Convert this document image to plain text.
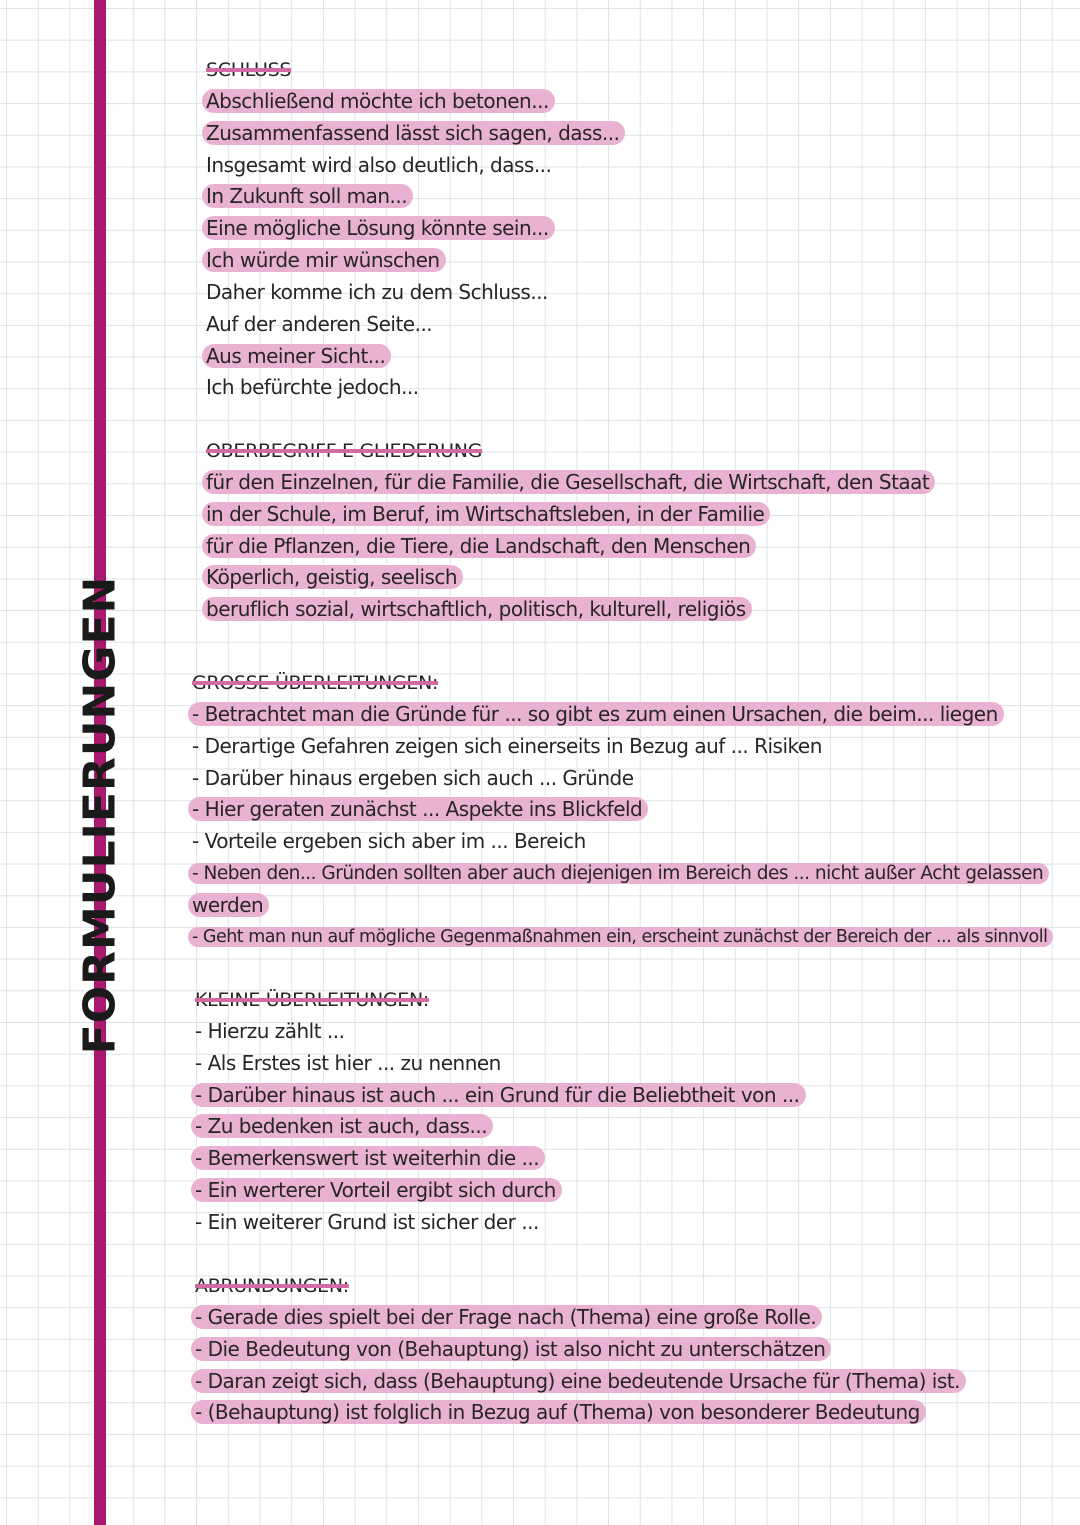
FORMULIERUNGEN
SCHLUSS
Abschließend möchte ich betonen...
Zusammenfassend lässt sich sagen, dass...
Insgesamt wird also deutlich, dass...
In Zukunft soll man...
Eine mögliche Lösung könnte sein...
Ich würde mir wünschen
Daher komme ich zu dem Schluss...
Auf der anderen Seite...
Aus meiner Sicht...
Ich befürchte jedoch...
OBERBEGRIFF E GLIEDERUNG
für den Einzelnen, für die Familie, die Gesellschaft, die Wirtschaft, den Staat
in der Schule, im Beruf, im Wirtschaftsleben, in der Familie
für die Pflanzen, die Tiere, die Landschaft, den Menschen
Köperlich, geistig, seelisch
beruflich sozial, wirtschaftlich, politisch, kulturell, religiös
GROSSE ÜBERLEITUNGEN:
- Betrachtet man die Gründe für ... so gibt es zum einen Ursachen, die beim... liegen
- Derartige Gefahren zeigen sich einerseits in Bezug auf ... Risiken
- Darüber hinaus ergeben sich auch ... Gründe
- Hier geraten zunächst ... Aspekte ins Blickfeld
- Vorteile ergeben sich aber im ... Bereich
- Neben den... Gründen sollten aber auch diejenigen im Bereich des ... nicht außer Acht gelassen
werden
- Geht man nun auf mögliche Gegenmaßnahmen ein, erscheint zunächst der Bereich der ... als sinnvoll
KLEINE ÜBERLEITUNGEN:
- Hierzu zählt ...
- Als Erstes ist hier ... zu nennen
- Darüber hinaus ist auch ... ein Grund für die Beliebtheit von ...
- Zu bedenken ist auch, dass...
- Bemerkenswert ist weiterhin die ...
- Ein werterer Vorteil ergibt sich durch
- Ein weiterer Grund ist sicher der ...
ABRUNDUNGEN:
- Gerade dies spielt bei der Frage nach (Thema) eine große Rolle.
- Die Bedeutung von (Behauptung) ist also nicht zu unterschätzen
- Daran zeigt sich, dass (Behauptung) eine bedeutende Ursache für (Thema) ist.
- (Behauptung) ist folglich in Bezug auf (Thema) von besonderer Bedeutung
